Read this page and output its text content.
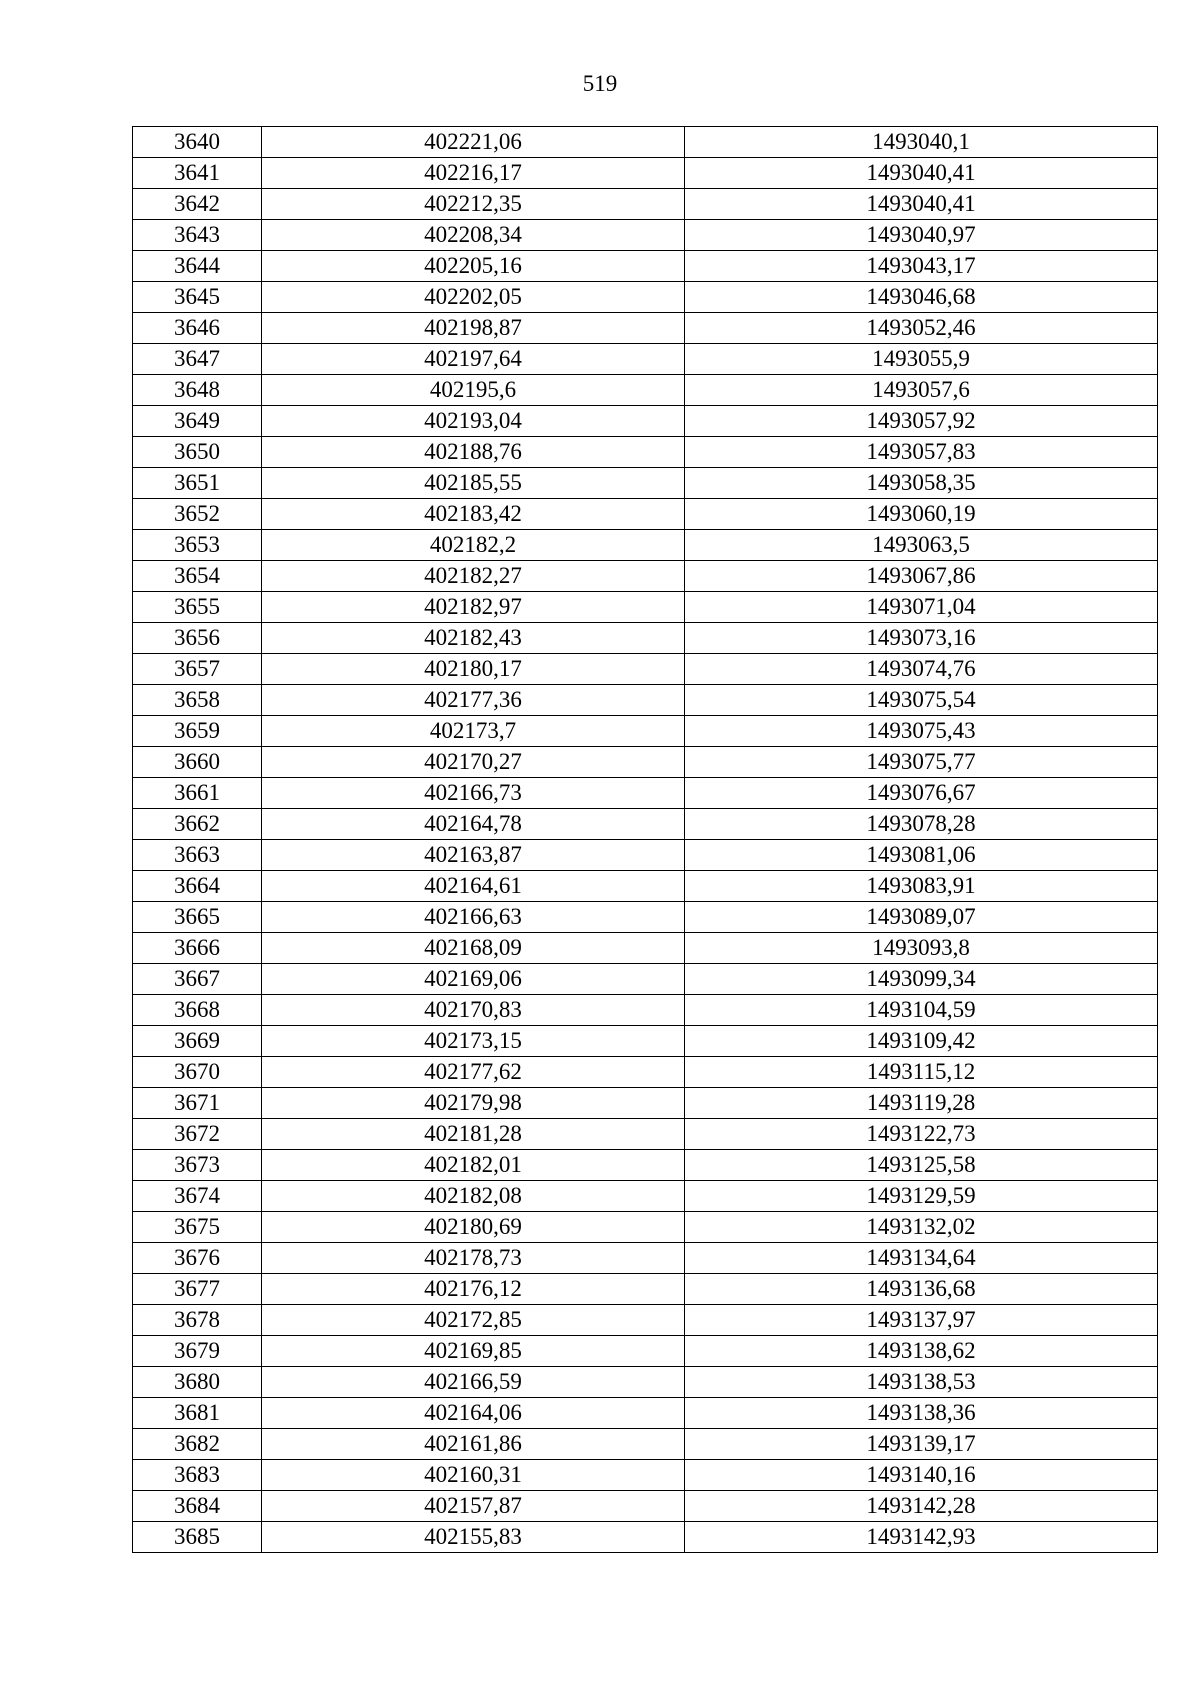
519
3640	402221,06	1493040,1
3641	402216,17	1493040,41
3642	402212,35	1493040,41
3643	402208,34	1493040,97
3644	402205,16	1493043,17
3645	402202,05	1493046,68
3646	402198,87	1493052,46
3647	402197,64	1493055,9
3648	402195,6	1493057,6
3649	402193,04	1493057,92
3650	402188,76	1493057,83
3651	402185,55	1493058,35
3652	402183,42	1493060,19
3653	402182,2	1493063,5
3654	402182,27	1493067,86
3655	402182,97	1493071,04
3656	402182,43	1493073,16
3657	402180,17	1493074,76
3658	402177,36	1493075,54
3659	402173,7	1493075,43
3660	402170,27	1493075,77
3661	402166,73	1493076,67
3662	402164,78	1493078,28
3663	402163,87	1493081,06
3664	402164,61	1493083,91
3665	402166,63	1493089,07
3666	402168,09	1493093,8
3667	402169,06	1493099,34
3668	402170,83	1493104,59
3669	402173,15	1493109,42
3670	402177,62	1493115,12
3671	402179,98	1493119,28
3672	402181,28	1493122,73
3673	402182,01	1493125,58
3674	402182,08	1493129,59
3675	402180,69	1493132,02
3676	402178,73	1493134,64
3677	402176,12	1493136,68
3678	402172,85	1493137,97
3679	402169,85	1493138,62
3680	402166,59	1493138,53
3681	402164,06	1493138,36
3682	402161,86	1493139,17
3683	402160,31	1493140,16
3684	402157,87	1493142,28
3685	402155,83	1493142,93
